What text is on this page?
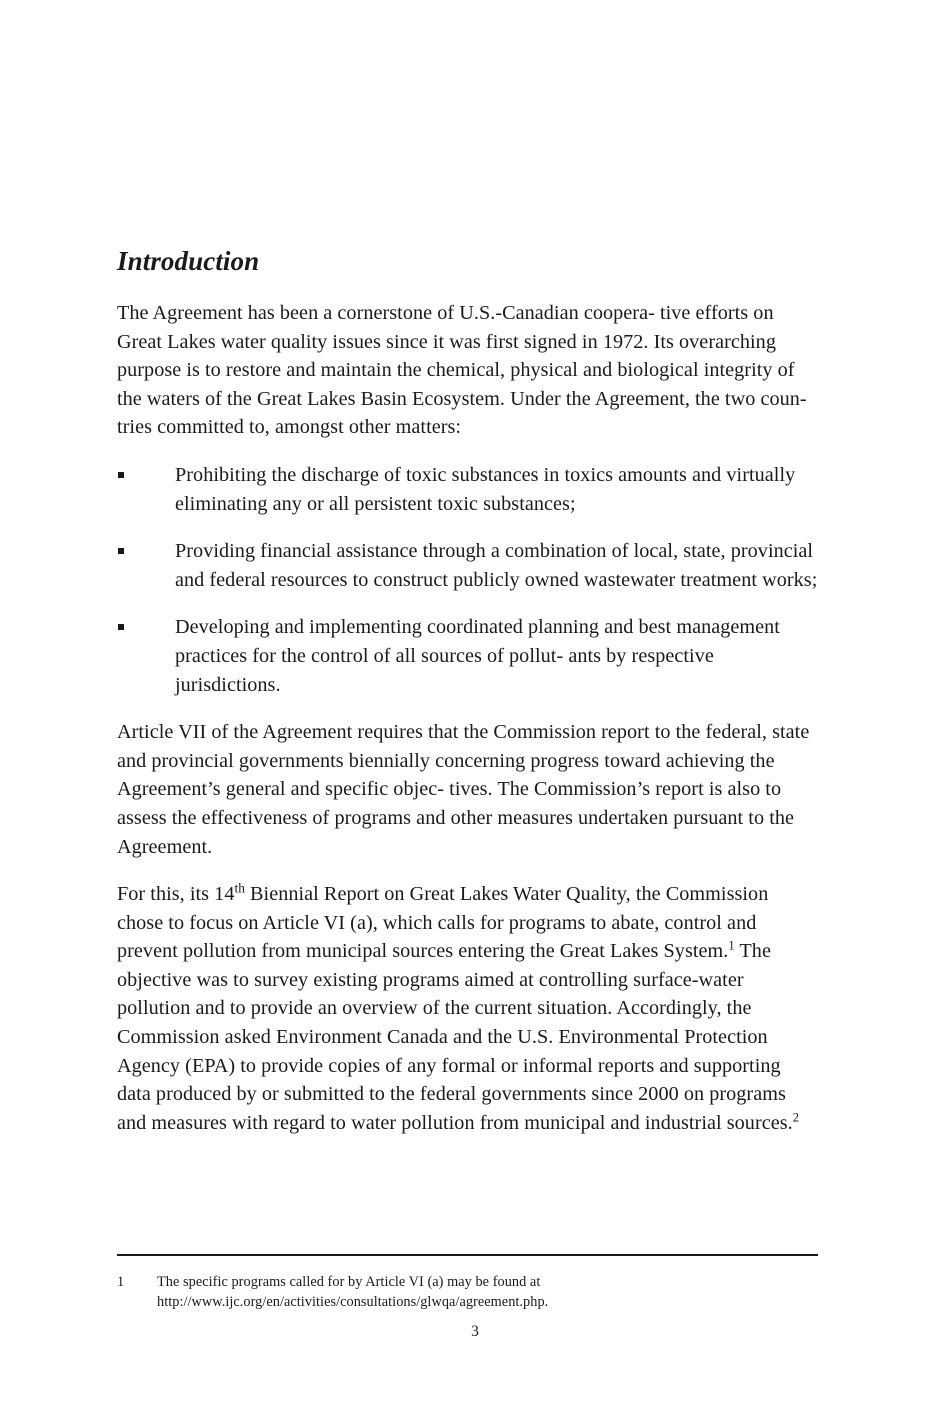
Introduction

The Agreement has been a cornerstone of U.S.-Canadian coopera- tive efforts on Great Lakes water quality issues since it was first signed in 1972. Its overarching purpose is to restore and maintain the chemical, physical and biological integrity of the waters of the Great Lakes Basin Ecosystem. Under the Agreement, the two coun- tries committed to, amongst other matters:

Prohibiting the discharge of toxic substances in toxics amounts and virtually eliminating any or all persistent toxic substances;
Providing financial assistance through a combination of local, state, provincial and federal resources to construct publicly owned wastewater treatment works;
Developing and implementing coordinated planning and best management practices for the control of all sources of pollut- ants by respective jurisdictions.

Article VII of the Agreement requires that the Commission report to the federal, state and provincial governments biennially concerning progress toward achieving the Agreement’s general and specific objec- tives. The Commission’s report is also to assess the effectiveness of programs and other measures undertaken pursuant to the Agreement.

For this, its 14th Biennial Report on Great Lakes Water Quality, the Commission chose to focus on Article VI (a), which calls for programs to abate, control and prevent pollution from municipal sources entering the Great Lakes System.$^1$ The objective was to survey existing programs aimed at controlling surface-water pollution and to provide an overview of the current situation. Accordingly, the Commission asked Environment Canada and the U.S. Environmental Protection Agency (EPA) to provide copies of any formal or informal reports and supporting data produced by or submitted to the federal governments since 2000 on programs and measures with regard to water pollution from municipal and industrial sources.$^2$

1 The specific programs called for by Article VI (a) may be found at
http://www.ijc.org/en/activities/consultations/glwqa/agreement.php.
3
